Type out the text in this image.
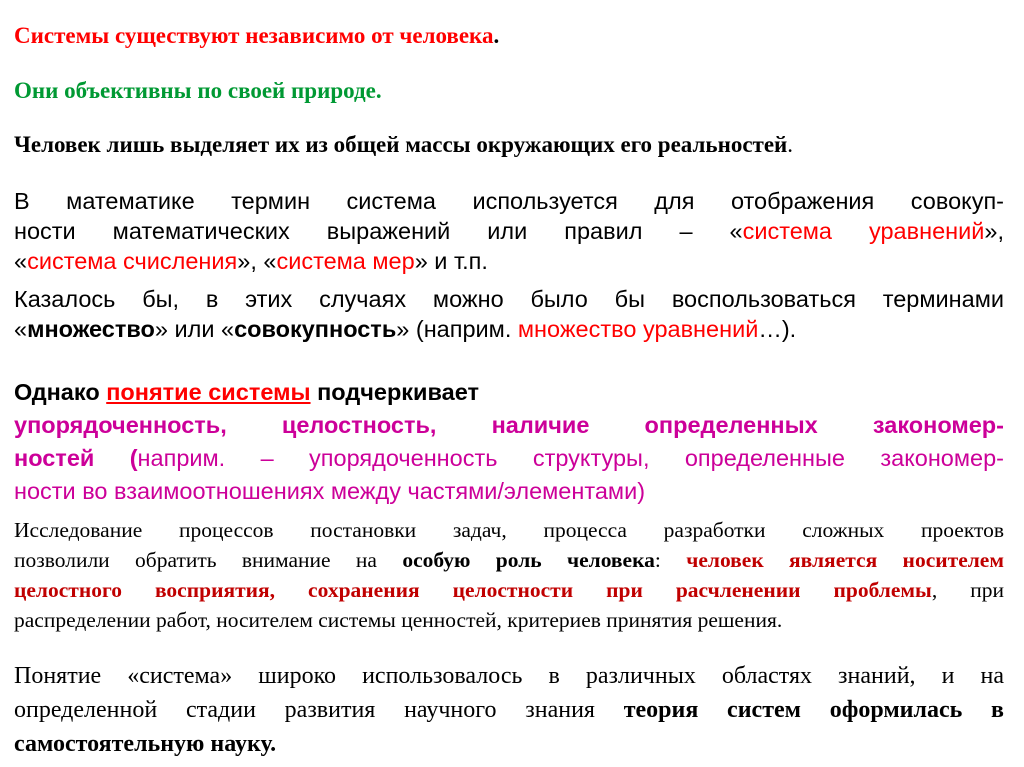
Системы существуют независимо от человека.
Они объективны по своей природе.
Человек лишь выделяет их из общей массы окружающих его реальностей.
В математике термин система используется для отображения совокуп-
ности математических выражений или правил – «система уравнений»,
«система счисления», «система мер» и т.п.
Казалось бы, в этих случаях можно было бы воспользоваться терминами
«множество» или «совокупность» (наприм. множество уравнений…).
Однако понятие системы подчеркивает
упорядоченность, целостность, наличие определенных закономер-
ностей (наприм. – упорядоченность структуры, определенные закономер-
ности во взаимоотношениях между частями/элементами)
Исследование процессов постановки задач, процесса разработки сложных проектов
позволили обратить внимание на особую роль человека: человек является носителем
целостного восприятия, сохранения целостности при расчленении проблемы, при
распределении работ, носителем системы ценностей, критериев принятия решения.
Понятие «система» широко использовалось в различных областях знаний, и на
определенной стадии развития научного знания теория систем оформилась в
самостоятельную науку.
